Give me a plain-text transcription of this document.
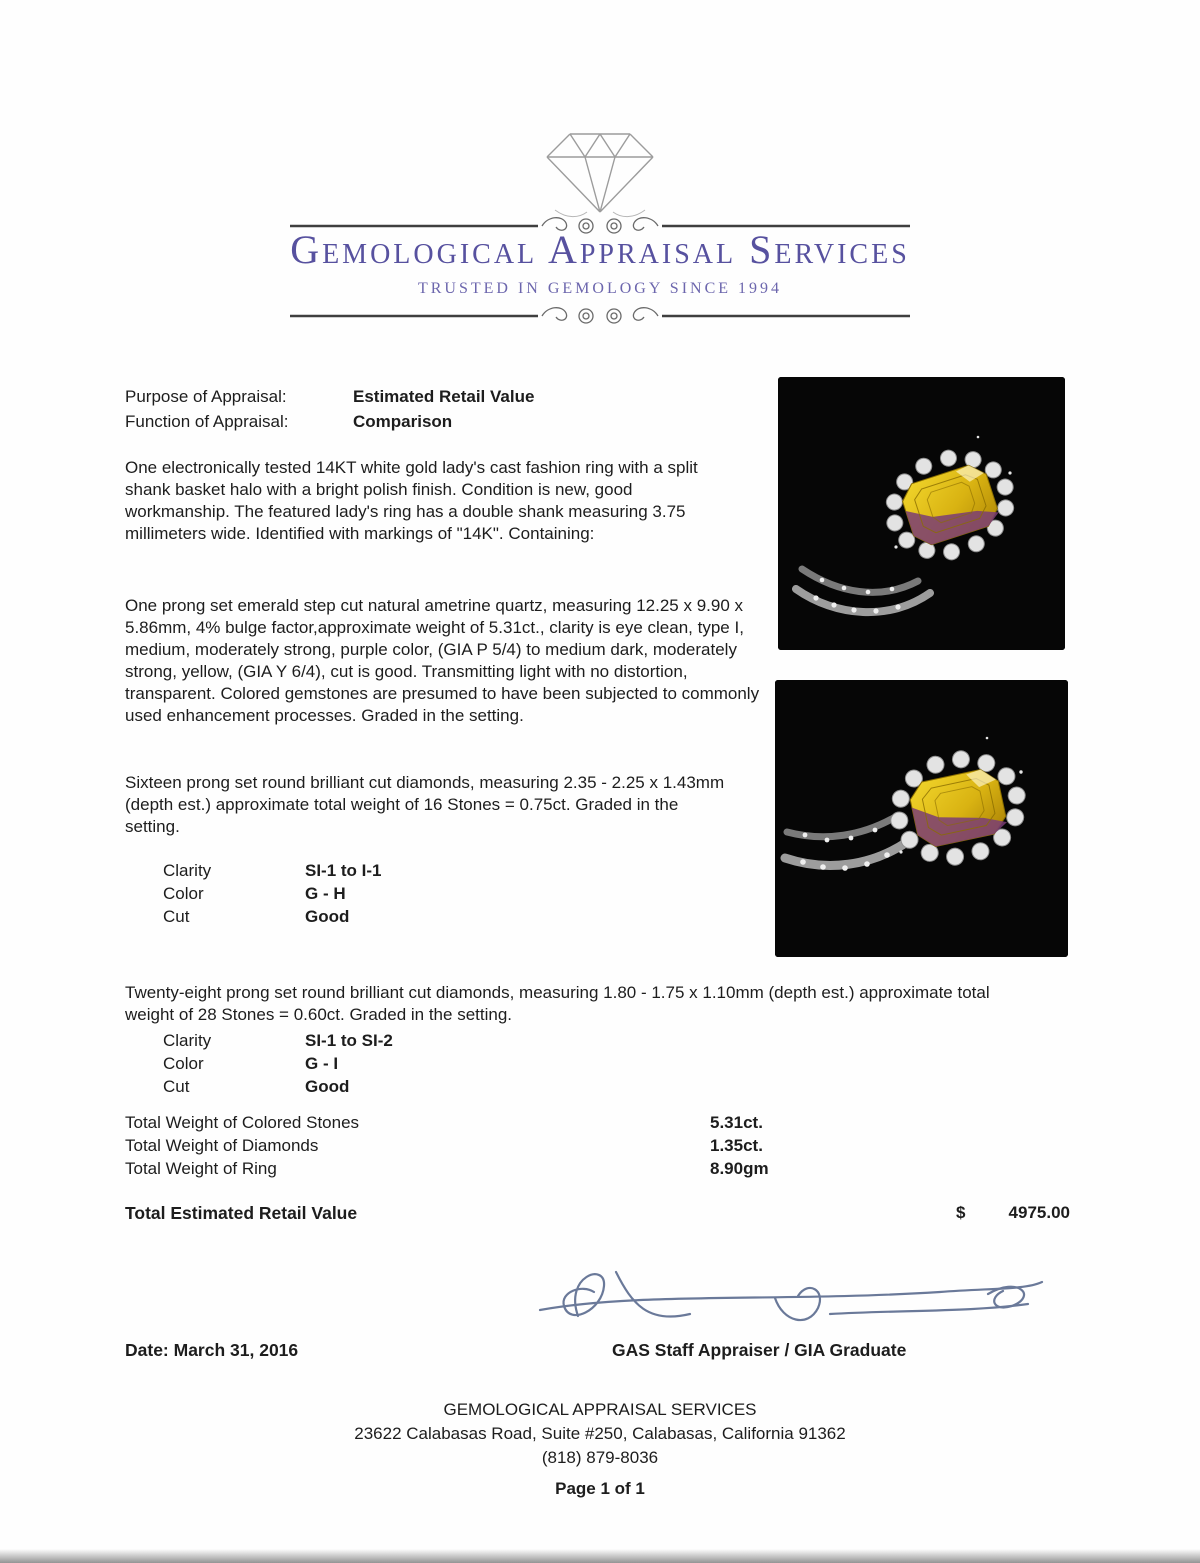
Gemological Appraisal Services
TRUSTED IN GEMOLOGY SINCE 1994
Purpose of Appraisal:	Estimated Retail Value
Function of Appraisal:	Comparison
One electronically tested 14KT white gold lady's cast fashion ring with a split shank basket halo with a bright polish finish. Condition is new, good workmanship. The featured lady's ring has a double shank measuring 3.75 millimeters wide. Identified with markings of "14K". Containing:
One prong set emerald step cut natural ametrine quartz, measuring 12.25 x 9.90 x 5.86mm, 4% bulge factor,approximate weight of 5.31ct., clarity is eye clean, type I, medium, moderately strong, purple color, (GIA P 5/4) to medium dark, moderately strong, yellow, (GIA Y 6/4), cut is good. Transmitting light with no distortion, transparent. Colored gemstones are presumed to have been subjected to commonly used enhancement processes. Graded in the setting.
Sixteen prong set round brilliant cut diamonds, measuring 2.35 - 2.25 x 1.43mm (depth est.) approximate total weight of 16 Stones = 0.75ct. Graded in the setting.
Clarity	SI-1 to I-1
Color	G - H
Cut	Good
Twenty-eight prong set round brilliant cut diamonds, measuring 1.80 - 1.75 x 1.10mm (depth est.) approximate total weight of 28 Stones = 0.60ct. Graded in the setting.
Clarity	SI-1 to SI-2
Color	G - I
Cut	Good
Total Weight of Colored Stones	5.31ct.
Total Weight of Diamonds	1.35ct.
Total Weight of Ring	8.90gm
Total Estimated Retail Value	$	4975.00
Date: March 31, 2016	GAS Staff Appraiser / GIA Graduate
GEMOLOGICAL APPRAISAL SERVICES
23622 Calabasas Road, Suite #250, Calabasas, California 91362
(818) 879-8036
Page 1 of 1
